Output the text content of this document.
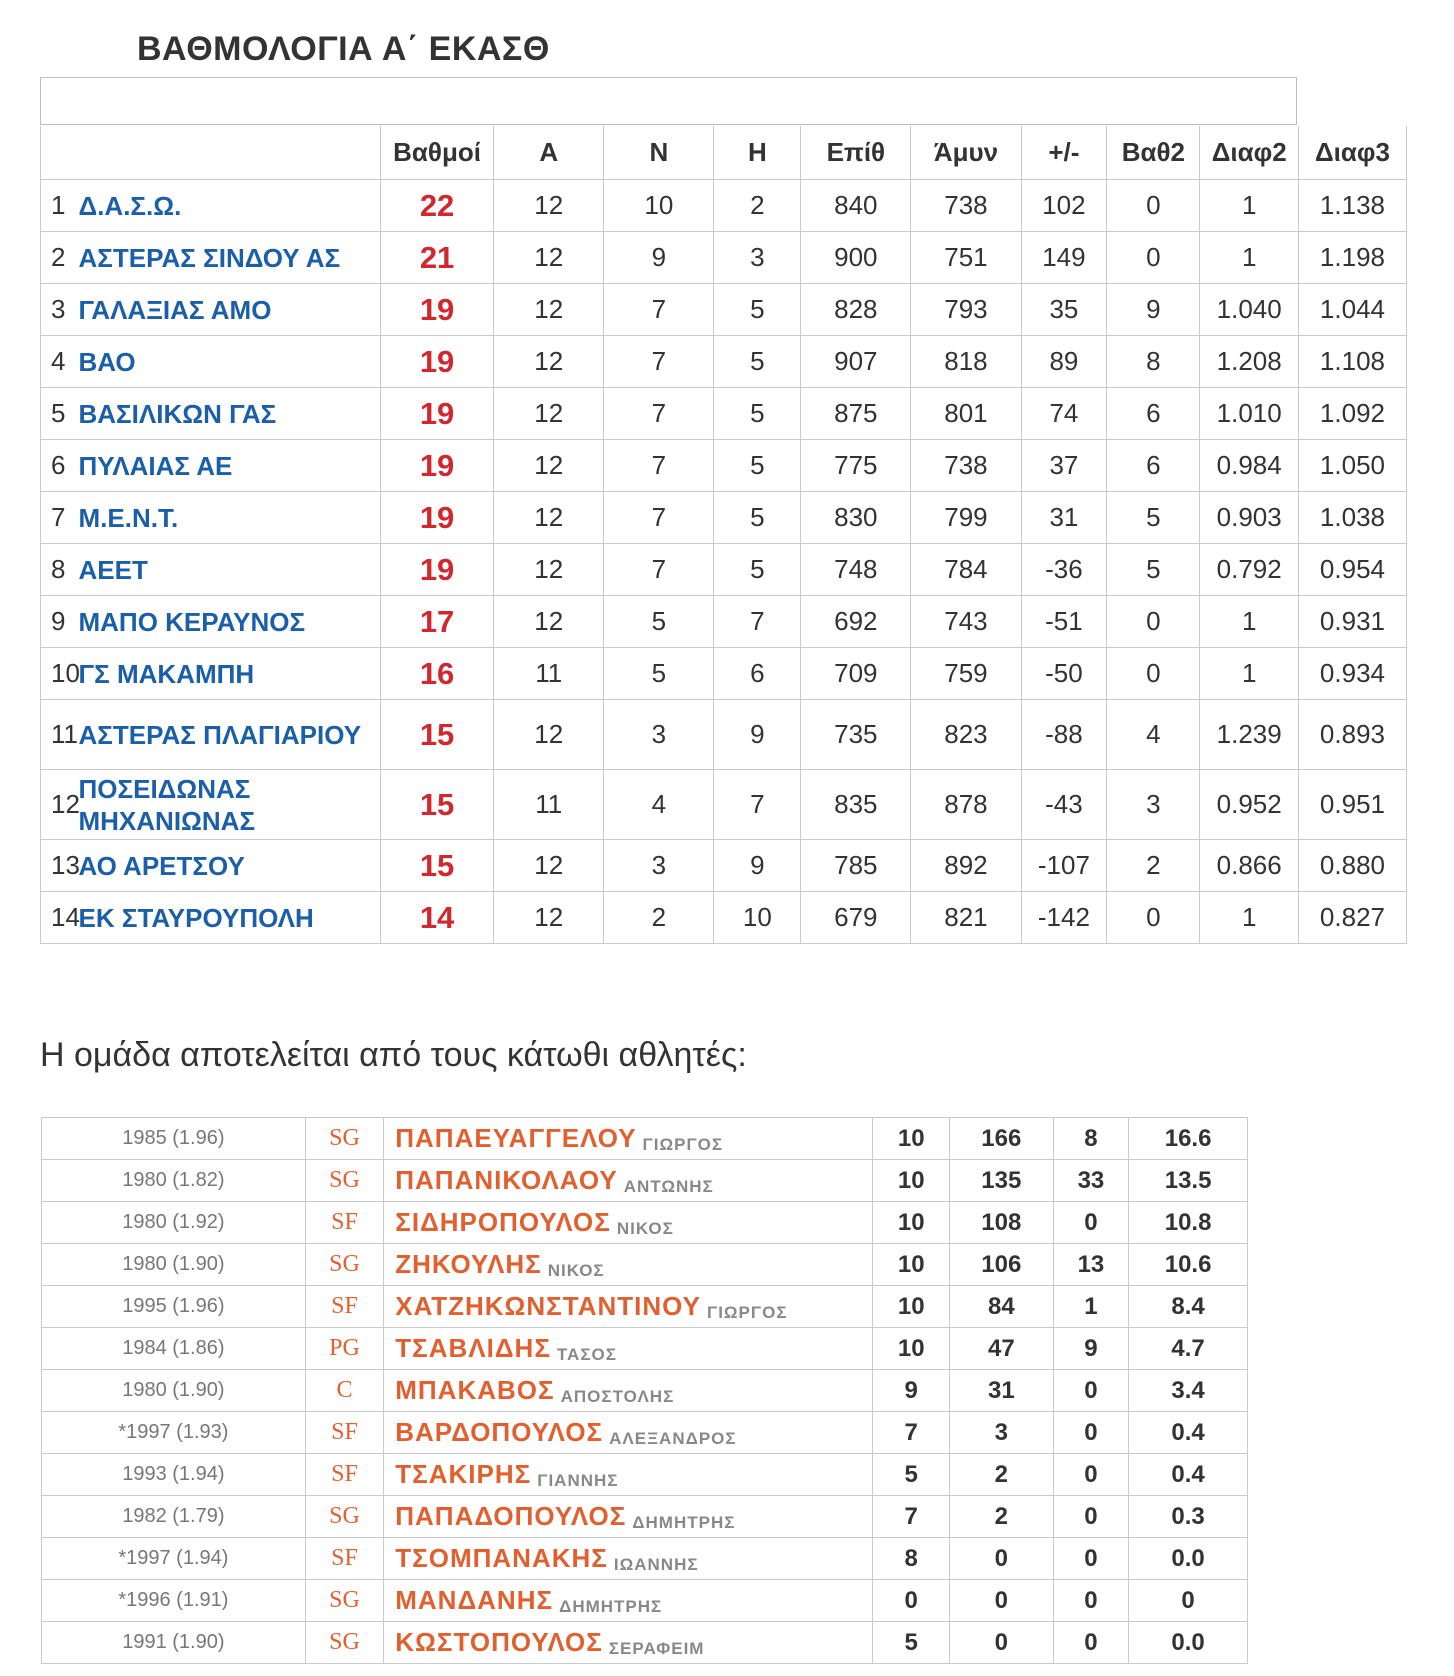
ΒΑΘΜΟΛΟΓΙΑ Α΄ ΕΚΑΣΘ
		Βαθμοί	Α	Ν	Η	Επίθ	Άμυν	+/-	Βαθ2	Διαφ2	Διαφ3
1	Δ.Α.Σ.Ω.	22	12	10	2	840	738	102	0	1	1.138
2	ΑΣΤΕΡΑΣ ΣΙΝΔΟΥ ΑΣ	21	12	9	3	900	751	149	0	1	1.198
3	ΓΑΛΑΞΙΑΣ ΑΜΟ	19	12	7	5	828	793	35	9	1.040	1.044
4	ΒΑΟ	19	12	7	5	907	818	89	8	1.208	1.108
5	ΒΑΣΙΛΙΚΩΝ ΓΑΣ	19	12	7	5	875	801	74	6	1.010	1.092
6	ΠΥΛΑΙΑΣ ΑΕ	19	12	7	5	775	738	37	6	0.984	1.050
7	Μ.Ε.Ν.Τ.	19	12	7	5	830	799	31	5	0.903	1.038
8	ΑΕΕΤ	19	12	7	5	748	784	-36	5	0.792	0.954
9	ΜΑΠΟ ΚΕΡΑΥΝΟΣ	17	12	5	7	692	743	-51	0	1	0.931
10	ΓΣ ΜΑΚΑΜΠΗ	16	11	5	6	709	759	-50	0	1	0.934
11	ΑΣΤΕΡΑΣ ΠΛΑΓΙΑΡΙΟΥ	15	12	3	9	735	823	-88	4	1.239	0.893
12	ΠΟΣΕΙΔΩΝΑΣ ΜΗΧΑΝΙΩΝΑΣ	15	11	4	7	835	878	-43	3	0.952	0.951
13	ΑΟ ΑΡΕΤΣΟΥ	15	12	3	9	785	892	-107	2	0.866	0.880
14	ΕΚ ΣΤΑΥΡΟΥΠΟΛΗ	14	12	2	10	679	821	-142	0	1	0.827
Η ομάδα αποτελείται από τους κάτωθι αθλητές:
1985 (1.96)	SG	ΠΑΠΑΕΥΑΓΓΕΛΟΥ ΓΙΩΡΓΟΣ	10	166	8	16.6
1980 (1.82)	SG	ΠΑΠΑΝΙΚΟΛΑΟΥ ΑΝΤΩΝΗΣ	10	135	33	13.5
1980 (1.92)	SF	ΣΙΔΗΡΟΠΟΥΛΟΣ ΝΙΚΟΣ	10	108	0	10.8
1980 (1.90)	SG	ΖΗΚΟΥΛΗΣ ΝΙΚΟΣ	10	106	13	10.6
1995 (1.96)	SF	ΧΑΤΖΗΚΩΝΣΤΑΝΤΙΝΟΥ ΓΙΩΡΓΟΣ	10	84	1	8.4
1984 (1.86)	PG	ΤΣΑΒΛΙΔΗΣ ΤΑΣΟΣ	10	47	9	4.7
1980 (1.90)	C	ΜΠΑΚΑΒΟΣ ΑΠΟΣΤΟΛΗΣ	9	31	0	3.4
*1997 (1.93)	SF	ΒΑΡΔΟΠΟΥΛΟΣ ΑΛΕΞΑΝΔΡΟΣ	7	3	0	0.4
1993 (1.94)	SF	ΤΣΑΚΙΡΗΣ ΓΙΑΝΝΗΣ	5	2	0	0.4
1982 (1.79)	SG	ΠΑΠΑΔΟΠΟΥΛΟΣ ΔΗΜΗΤΡΗΣ	7	2	0	0.3
*1997 (1.94)	SF	ΤΣΟΜΠΑΝΑΚΗΣ ΙΩΑΝΝΗΣ	8	0	0	0.0
*1996 (1.91)	SG	ΜΑΝΔΑΝΗΣ ΔΗΜΗΤΡΗΣ	0	0	0	0
1991 (1.90)	SG	ΚΩΣΤΟΠΟΥΛΟΣ ΣΕΡΑΦΕΙΜ	5	0	0	0.0
